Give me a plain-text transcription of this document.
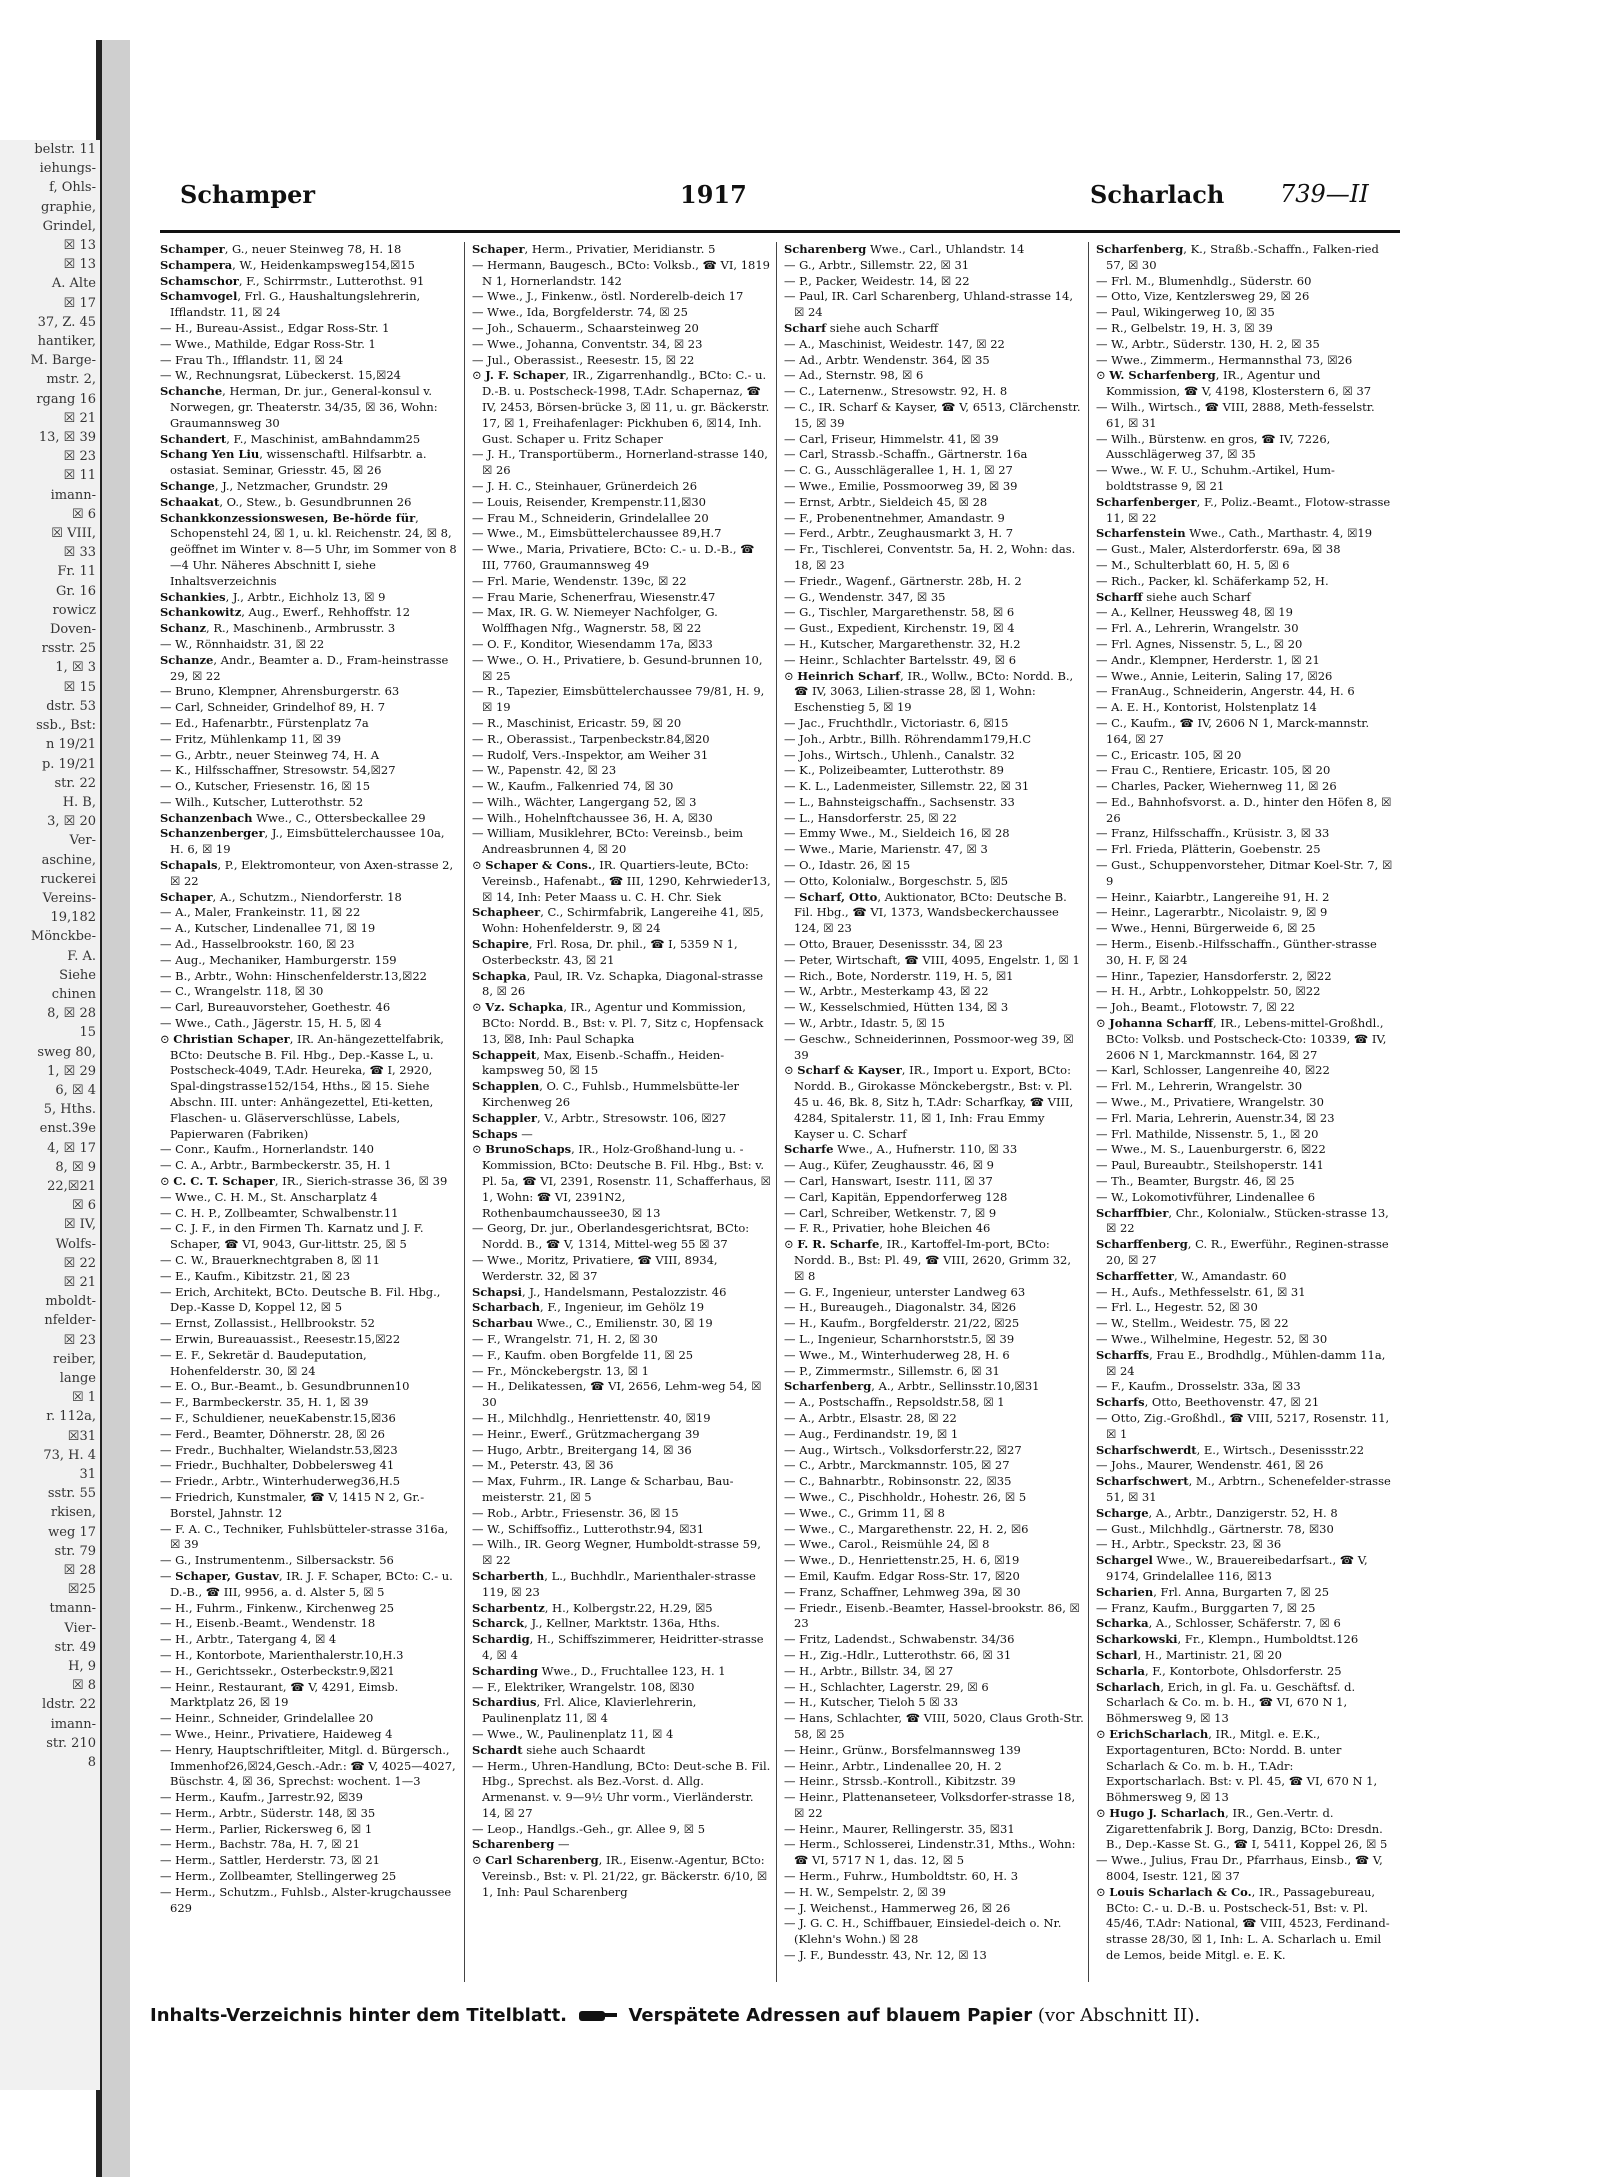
belstr. 11
iehungs-
f, Ohls-
graphie,
Grindel,
☒ 13
☒ 13
A. Alte
☒ 17
37, Z. 45
hantiker,
M. Barge-
mstr. 2,
rgang 16
☒ 21
13, ☒ 39
☒ 23
☒ 11
imann-
☒ 6
☒ VIII,
☒ 33
Fr. 11
Gr. 16
rowicz
Doven-
rsstr. 25
1, ☒ 3
☒ 15
dstr. 53
ssb., Bst:
n 19/21
p. 19/21
str. 22
H. B,
3, ☒ 20
Ver-
aschine,
ruckerei
Vereins-
19,182
Mönckbe-
F. A.
Siehe
chinen
8, ☒ 28
15
sweg 80,
1, ☒ 29
6, ☒ 4
5, Hths.
enst.39e
4, ☒ 17
8, ☒ 9
22,☒21
☒ 6
☒ IV,
Wolfs-
☒ 22
☒ 21
mboldt-
nfelder-
☒ 23
reiber,
lange
☒ 1
r. 112a,
☒31
73, H. 4
31
sstr. 55
rkisen,
weg 17
str. 79
☒ 28
☒25
tmann-
Vier-
str. 49
H, 9
☒ 8
ldstr. 22
imann-
str. 210
8
Schamper	1917	Scharlach 739—II

Schamper, G., neuer Steinweg 78, H. 18

Schampera, W., Heidenkampsweg154,☒15

Schamschor, F., Schirrmstr., Lutterothst. 91

Schamvogel, Frl. G., Haushaltungslehrerin, Ifflandstr. 11, ☒ 24

— H., Bureau-Assist., Edgar Ross-Str. 1

— Wwe., Mathilde, Edgar Ross-Str. 1

— Frau Th., Ifflandstr. 11, ☒ 24

— W., Rechnungsrat, Lübeckerst. 15,☒24

Schanche, Herman, Dr. jur., General-konsul v. Norwegen, gr. Theaterstr. 34/35, ☒ 36, Wohn: Graumannsweg 30

Schandert, F., Maschinist, amBahndamm25

Schang Yen Liu, wissenschaftl. Hilfsarbtr. a. ostasiat. Seminar, Griesstr. 45, ☒ 26

Schange, J., Netzmacher, Grundstr. 29

Schaakat, O., Stew., b. Gesundbrunnen 26

Schankkonzessionswesen, Be-hörde für, Schopenstehl 24, ☒ 1, u. kl. Reichenstr. 24, ☒ 8, geöffnet im Winter v. 8—5 Uhr, im Sommer von 8—4 Uhr. Näheres Abschnitt I, siehe Inhaltsverzeichnis

Schankies, J., Arbtr., Eichholz 13, ☒ 9

Schankowitz, Aug., Ewerf., Rehhoffstr. 12

Schanz, R., Maschinenb., Armbrusstr. 3

— W., Rönnhaidstr. 31, ☒ 22

Schanze, Andr., Beamter a. D., Fram-heinstrasse 29, ☒ 22

— Bruno, Klempner, Ahrensburgerstr. 63

— Carl, Schneider, Grindelhof 89, H. 7

— Ed., Hafenarbtr., Fürstenplatz 7a

— Fritz, Mühlenkamp 11, ☒ 39

— G., Arbtr., neuer Steinweg 74, H. A

— K., Hilfsschaffner, Stresowstr. 54,☒27

— O., Kutscher, Friesenstr. 16, ☒ 15

— Wilh., Kutscher, Lutterothstr. 52

Schanzenbach Wwe., C., Ottersbeckallee 29

Schanzenberger, J., Eimsbüttelerchaussee 10a, H. 6, ☒ 19

Schapals, P., Elektromonteur, von Axen-strasse 2, ☒ 22

Schaper, A., Schutzm., Niendorferstr. 18

— A., Maler, Frankeinstr. 11, ☒ 22

— A., Kutscher, Lindenallee 71, ☒ 19

— Ad., Hasselbrookstr. 160, ☒ 23

— Aug., Mechaniker, Hamburgerstr. 159

— B., Arbtr., Wohn: Hinschenfelderstr.13,☒22

— C., Wrangelstr. 118, ☒ 30

— Carl, Bureauvorsteher, Goethestr. 46

— Wwe., Cath., Jägerstr. 15, H. 5, ☒ 4

⊙ Christian Schaper, IR. An-hängezettelfabrik, BCto: Deutsche B. Fil. Hbg., Dep.-Kasse L, u. Postscheck-4049, T.Adr. Heureka, ☎ I, 2920, Spal-dingstrasse152/154, Hths., ☒ 15. Siehe Abschn. III. unter: Anhängezettel, Eti-ketten, Flaschen- u. Gläserverschlüsse, Labels, Papierwaren (Fabriken)

— Conr., Kaufm., Hornerlandstr. 140

— C. A., Arbtr., Barmbeckerstr. 35, H. 1

⊙ C. C. T. Schaper, IR., Sierich-strasse 36, ☒ 39

— Wwe., C. H. M., St. Anscharplatz 4

— C. H. P., Zollbeamter, Schwalbenstr.11

— C. J. F., in den Firmen Th. Karnatz und J. F. Schaper, ☎ VI, 9043, Gur-littstr. 25, ☒ 5

— C. W., Brauerknechtgraben 8, ☒ 11

— E., Kaufm., Kibitzstr. 21, ☒ 23

— Erich, Architekt, BCto. Deutsche B. Fil. Hbg., Dep.-Kasse D, Koppel 12, ☒ 5

— Ernst, Zollassist., Hellbrookstr. 52

— Erwin, Bureauassist., Reesestr.15,☒22

— E. F., Sekretär d. Baudeputation, Hohenfelderstr. 30, ☒ 24

— E. O., Bur.-Beamt., b. Gesundbrunnen10

— F., Barmbeckerstr. 35, H. 1, ☒ 39

— F., Schuldiener, neueKabenstr.15,☒36

— Ferd., Beamter, Döhnerstr. 28, ☒ 26

— Fredr., Buchhalter, Wielandstr.53,☒23

— Friedr., Buchhalter, Dobbelersweg 41

— Friedr., Arbtr., Winterhuderweg36,H.5

— Friedrich, Kunstmaler, ☎ V, 1415 N 2, Gr.-Borstel, Jahnstr. 12

— F. A. C., Techniker, Fuhlsbütteler-strasse 316a, ☒ 39

— G., Instrumentenm., Silbersackstr. 56

— Schaper, Gustav, IR. J. F. Schaper, BCto: C.- u. D.-B., ☎ III, 9956, a. d. Alster 5, ☒ 5

— H., Fuhrm., Finkenw., Kirchenweg 25

— H., Eisenb.-Beamt., Wendenstr. 18

— H., Arbtr., Tatergang 4, ☒ 4

— H., Kontorbote, Marienthalerstr.10,H.3

— H., Gerichtssekr., Osterbeckstr.9,☒21

— Heinr., Restaurant, ☎ V, 4291, Eimsb. Marktplatz 26, ☒ 19

— Heinr., Schneider, Grindelallee 20

— Wwe., Heinr., Privatiere, Haideweg 4

— Henry, Hauptschriftleiter, Mitgl. d. Bürgersch., Immenhof26,☒24,Gesch.-Adr.: ☎ V, 4025—4027, Büschstr. 4, ☒ 36, Sprechst: wochent. 1—3

— Herm., Kaufm., Jarrestr.92, ☒39

— Herm., Arbtr., Süderstr. 148, ☒ 35

— Herm., Parlier, Rickersweg 6, ☒ 1

— Herm., Bachstr. 78a, H. 7, ☒ 21

— Herm., Sattler, Herderstr. 73, ☒ 21

— Herm., Zollbeamter, Stellingerweg 25

— Herm., Schutzm., Fuhlsb., Alster-krugchaussee 629

Schaper, Herm., Privatier, Meridianstr. 5

— Hermann, Baugesch., BCto: Volksb., ☎ VI, 1819 N 1, Hornerlandstr. 142

— Wwe., J., Finkenw., östl. Norderelb-deich 17

— Wwe., Ida, Borgfelderstr. 74, ☒ 25

— Joh., Schauerm., Schaarsteinweg 20

— Wwe., Johanna, Conventstr. 34, ☒ 23

— Jul., Oberassist., Reesestr. 15, ☒ 22

⊙ J. F. Schaper, IR., Zigarrenhandlg., BCto: C.- u. D.-B. u. Postscheck-1998, T.Adr. Schapernaz, ☎ IV, 2453, Börsen-brücke 3, ☒ 11, u. gr. Bäckerstr. 17, ☒ 1, Freihafenlager: Pickhuben 6, ☒14, Inh. Gust. Schaper u. Fritz Schaper

— J. H., Transportüberm., Hornerland-strasse 140, ☒ 26

— J. H. C., Steinhauer, Grünerdeich 26

— Louis, Reisender, Krempenstr.11,☒30

— Frau M., Schneiderin, Grindelallee 20

— Wwe., M., Eimsbüttelerchaussee 89,H.7

— Wwe., Maria, Privatiere, BCto: C.- u. D.-B., ☎ III, 7760, Graumannsweg 49

— Frl. Marie, Wendenstr. 139c, ☒ 22

— Frau Marie, Schenerfrau, Wiesenstr.47

— Max, IR. G. W. Niemeyer Nachfolger, G. Wolffhagen Nfg., Wagnerstr. 58, ☒ 22

— O. F., Konditor, Wiesendamm 17a, ☒33

— Wwe., O. H., Privatiere, b. Gesund-brunnen 10, ☒ 25

— R., Tapezier, Eimsbüttelerchaussee 79/81, H. 9, ☒ 19

— R., Maschinist, Ericastr. 59, ☒ 20

— R., Oberassist., Tarpenbeckstr.84,☒20

— Rudolf, Vers.-Inspektor, am Weiher 31

— W., Papenstr. 42, ☒ 23

— W., Kaufm., Falkenried 74, ☒ 30

— Wilh., Wächter, Langergang 52, ☒ 3

— Wilh., Hohelnftchaussee 36, H. A, ☒30

— William, Musiklehrer, BCto: Vereinsb., beim Andreasbrunnen 4, ☒ 20

⊙ Schaper & Cons., IR. Quartiers-leute, BCto: Vereinsb., Hafenabt., ☎ III, 1290, Kehrwieder13, ☒ 14, Inh: Peter Maass u. C. H. Chr. Siek

Schapheer, C., Schirmfabrik, Langereihe 41, ☒5, Wohn: Hohenfelderstr. 9, ☒ 24

Schapire, Frl. Rosa, Dr. phil., ☎ I, 5359 N 1, Osterbeckstr. 43, ☒ 21

Schapka, Paul, IR. Vz. Schapka, Diagonal-strasse 8, ☒ 26

⊙ Vz. Schapka, IR., Agentur und Kommission, BCto: Nordd. B., Bst: v. Pl. 7, Sitz c, Hopfensack 13, ☒8, Inh: Paul Schapka

Schappeit, Max, Eisenb.-Schaffn., Heiden-kampsweg 50, ☒ 15

Schapplen, O. C., Fuhlsb., Hummelsbütte-ler Kirchenweg 26

Schappler, V., Arbtr., Stresowstr. 106, ☒27

Schaps —

⊙ BrunoSchaps, IR., Holz-Großhand-lung u. -Kommission, BCto: Deutsche B. Fil. Hbg., Bst: v. Pl. 5a, ☎ VI, 2391, Rosenstr. 11, Schafferhaus, ☒ 1, Wohn: ☎ VI, 2391N2, Rothenbaumchaussee30, ☒ 13

— Georg, Dr. jur., Oberlandesgerichtsrat, BCto: Nordd. B., ☎ V, 1314, Mittel-weg 55 ☒ 37

— Wwe., Moritz, Privatiere, ☎ VIII, 8934, Werderstr. 32, ☒ 37

Schapsi, J., Handelsmann, Pestalozzistr. 46

Scharbach, F., Ingenieur, im Gehölz 19

Scharbau Wwe., C., Emilienstr. 30, ☒ 19

— F., Wrangelstr. 71, H. 2, ☒ 30

— F., Kaufm. oben Borgfelde 11, ☒ 25

— Fr., Mönckebergstr. 13, ☒ 1

— H., Delikatessen, ☎ VI, 2656, Lehm-weg 54, ☒ 30

— H., Milchhdlg., Henriettenstr. 40, ☒19

— Heinr., Ewerf., Grützmachergang 39

— Hugo, Arbtr., Breitergang 14, ☒ 36

— M., Peterstr. 43, ☒ 36

— Max, Fuhrm., IR. Lange & Scharbau, Bau-meisterstr. 21, ☒ 5

— Rob., Arbtr., Friesenstr. 36, ☒ 15

— W., Schiffsoffiz., Lutterothstr.94, ☒31

— Wilh., IR. Georg Wegner, Humboldt-strasse 59, ☒ 22

Scharberth, L., Buchhdlr., Marienthaler-strasse 119, ☒ 23

Scharbentz, H., Kolbergstr.22, H.29, ☒5

Scharck, J., Kellner, Marktstr. 136a, Hths.

Schardig, H., Schiffszimmerer, Heidritter-strasse 4, ☒ 4

Scharding Wwe., D., Fruchtallee 123, H. 1

— F., Elektriker, Wrangelstr. 108, ☒30

Schardius, Frl. Alice, Klavierlehrerin, Paulinenplatz 11, ☒ 4

— Wwe., W., Paulinenplatz 11, ☒ 4

Schardt siehe auch Schaardt

— Herm., Uhren-Handlung, BCto: Deut-sche B. Fil. Hbg., Sprechst. als Bez.-Vorst. d. Allg. Armenanst. v. 9—9½ Uhr vorm., Vierländerstr. 14, ☒ 27

— Leop., Handlgs.-Geh., gr. Allee 9, ☒ 5

Scharenberg —

⊙ Carl Scharenberg, IR., Eisenw.-Agentur, BCto: Vereinsb., Bst: v. Pl. 21/22, gr. Bäckerstr. 6/10, ☒ 1, Inh: Paul Scharenberg

Scharenberg Wwe., Carl., Uhlandstr. 14

— G., Arbtr., Sillemstr. 22, ☒ 31

— P., Packer, Weidestr. 14, ☒ 22

— Paul, IR. Carl Scharenberg, Uhland-strasse 14, ☒ 24

Scharf siehe auch Scharff

— A., Maschinist, Weidestr. 147, ☒ 22

— Ad., Arbtr. Wendenstr. 364, ☒ 35

— Ad., Sternstr. 98, ☒ 6

— C., Laternenw., Stresowstr. 92, H. 8

— C., IR. Scharf & Kayser, ☎ V, 6513, Clärchenstr. 15, ☒ 39

— Carl, Friseur, Himmelstr. 41, ☒ 39

— Carl, Strassb.-Schaffn., Gärtnerstr. 16a

— C. G., Ausschlägerallee 1, H. 1, ☒ 27

— Wwe., Emilie, Possmoorweg 39, ☒ 39

— Ernst, Arbtr., Sieldeich 45, ☒ 28

— F., Probenentnehmer, Amandastr. 9

— Ferd., Arbtr., Zeughausmarkt 3, H. 7

— Fr., Tischlerei, Conventstr. 5a, H. 2, Wohn: das. 18, ☒ 23

— Friedr., Wagenf., Gärtnerstr. 28b, H. 2

— G., Wendenstr. 347, ☒ 35

— G., Tischler, Margarethenstr. 58, ☒ 6

— Gust., Expedient, Kirchenstr. 19, ☒ 4

— H., Kutscher, Margarethenstr. 32, H.2

— Heinr., Schlachter Bartelsstr. 49, ☒ 6

⊙ Heinrich Scharf, IR., Wollw., BCto: Nordd. B., ☎ IV, 3063, Lilien-strasse 28, ☒ 1, Wohn: Eschenstieg 5, ☒ 19

— Jac., Fruchthdlr., Victoriastr. 6, ☒15

— Joh., Arbtr., Billh. Röhrendamm179,H.C

— Johs., Wirtsch., Uhlenh., Canalstr. 32

— K., Polizeibeamter, Lutterothstr. 89

— K. L., Ladenmeister, Sillemstr. 22, ☒ 31

— L., Bahnsteigschaffn., Sachsenstr. 33

— L., Hansdorferstr. 25, ☒ 22

— Emmy Wwe., M., Sieldeich 16, ☒ 28

— Wwe., Marie, Marienstr. 47, ☒ 3

— O., Idastr. 26, ☒ 15

— Otto, Kolonialw., Borgeschstr. 5, ☒5

— Scharf, Otto, Auktionator, BCto: Deutsche B. Fil. Hbg., ☎ VI, 1373, Wandsbeckerchaussee 124, ☒ 23

— Otto, Brauer, Desenissstr. 34, ☒ 23

— Peter, Wirtschaft, ☎ VIII, 4095, Engelstr. 1, ☒ 1

— Rich., Bote, Norderstr. 119, H. 5, ☒1

— W., Arbtr., Mesterkamp 43, ☒ 22

— W., Kesselschmied, Hütten 134, ☒ 3

— W., Arbtr., Idastr. 5, ☒ 15

— Geschw., Schneiderinnen, Possmoor-weg 39, ☒ 39

⊙ Scharf & Kayser, IR., Import u. Export, BCto: Nordd. B., Girokasse Mönckebergstr., Bst: v. Pl. 45 u. 46, Bk. 8, Sitz h, T.Adr: Scharfkay, ☎ VIII, 4284, Spitalerstr. 11, ☒ 1, Inh: Frau Emmy Kayser u. C. Scharf

Scharfe Wwe., A., Hufnerstr. 110, ☒ 33

— Aug., Küfer, Zeughausstr. 46, ☒ 9

— Carl, Hanswart, Isestr. 111, ☒ 37

— Carl, Kapitän, Eppendorferweg 128

— Carl, Schreiber, Wetkenstr. 7, ☒ 9

— F. R., Privatier, hohe Bleichen 46

⊙ F. R. Scharfe, IR., Kartoffel-Im-port, BCto: Nordd. B., Bst: Pl. 49, ☎ VIII, 2620, Grimm 32, ☒ 8

— G. F., Ingenieur, unterster Landweg 63

— H., Bureaugeh., Diagonalstr. 34, ☒26

— H., Kaufm., Borgfelderstr. 21/22, ☒25

— L., Ingenieur, Scharnhorststr.5, ☒ 39

— Wwe., M., Winterhuderweg 28, H. 6

— P., Zimmermstr., Sillemstr. 6, ☒ 31

Scharfenberg, A., Arbtr., Sellinsstr.10,☒31

— A., Postschaffn., Repsoldstr.58, ☒ 1

— A., Arbtr., Elsastr. 28, ☒ 22

— Aug., Ferdinandstr. 19, ☒ 1

— Aug., Wirtsch., Volksdorferstr.22, ☒27

— C., Arbtr., Marckmannstr. 105, ☒ 27

— C., Bahnarbtr., Robinsonstr. 22, ☒35

— Wwe., C., Pischholdr., Hohestr. 26, ☒ 5

— Wwe., C., Grimm 11, ☒ 8

— Wwe., C., Margarethenstr. 22, H. 2, ☒6

— Wwe., Carol., Reismühle 24, ☒ 8

— Wwe., D., Henriettenstr.25, H. 6, ☒19

— Emil, Kaufm. Edgar Ross-Str. 17, ☒20

— Franz, Schaffner, Lehmweg 39a, ☒ 30

— Friedr., Eisenb.-Beamter, Hassel-brookstr. 86, ☒ 23

— Fritz, Ladendst., Schwabenstr. 34/36

— H., Zig.-Hdlr., Lutterothstr. 66, ☒ 31

— H., Arbtr., Billstr. 34, ☒ 27

— H., Schlachter, Lagerstr. 29, ☒ 6

— H., Kutscher, Tieloh 5 ☒ 33

— Hans, Schlachter, ☎ VIII, 5020, Claus Groth-Str. 58, ☒ 25

— Heinr., Grünw., Borsfelmannsweg 139

— Heinr., Arbtr., Lindenallee 20, H. 2

— Heinr., Strssb.-Kontroll., Kibitzstr. 39

— Heinr., Plattenanseteer, Volksdorfer-strasse 18, ☒ 22

— Heinr., Maurer, Rellingerstr. 35, ☒31

— Herm., Schlosserei, Lindenstr.31, Mths., Wohn: ☎ VI, 5717 N 1, das. 12, ☒ 5

— Herm., Fuhrw., Humboldtstr. 60, H. 3

— H. W., Sempelstr. 2, ☒ 39

— J. Weichenst., Hammerweg 26, ☒ 26

— J. G. C. H., Schiffbauer, Einsiedel-deich o. Nr. (Klehn's Wohn.) ☒ 28

— J. F., Bundesstr. 43, Nr. 12, ☒ 13

Scharfenberg, K., Straßb.-Schaffn., Falken-ried 57, ☒ 30

— Frl. M., Blumenhdlg., Süderstr. 60

— Otto, Vize, Kentzlersweg 29, ☒ 26

— Paul, Wikingerweg 10, ☒ 35

— R., Gelbelstr. 19, H. 3, ☒ 39

— W., Arbtr., Süderstr. 130, H. 2, ☒ 35

— Wwe., Zimmerm., Hermannsthal 73, ☒26

⊙ W. Scharfenberg, IR., Agentur und Kommission, ☎ V, 4198, Klosterstern 6, ☒ 37

— Wilh., Wirtsch., ☎ VIII, 2888, Meth-fesselstr. 61, ☒ 31

— Wilh., Bürstenw. en gros, ☎ IV, 7226, Ausschlägerweg 37, ☒ 35

— Wwe., W. F. U., Schuhm.-Artikel, Hum-boldtstrasse 9, ☒ 21

Scharfenberger, F., Poliz.-Beamt., Flotow-strasse 11, ☒ 22

Scharfenstein Wwe., Cath., Marthastr. 4, ☒19

— Gust., Maler, Alsterdorferstr. 69a, ☒ 38

— M., Schulterblatt 60, H. 5, ☒ 6

— Rich., Packer, kl. Schäferkamp 52, H.

Scharff siehe auch Scharf

— A., Kellner, Heussweg 48, ☒ 19

— Frl. A., Lehrerin, Wrangelstr. 30

— Frl. Agnes, Nissenstr. 5, L., ☒ 20

— Andr., Klempner, Herderstr. 1, ☒ 21

— Wwe., Annie, Leiterin, Saling 17, ☒26

— FranAug., Schneiderin, Angerstr. 44, H. 6

— A. E. H., Kontorist, Holstenplatz 14

— C., Kaufm., ☎ IV, 2606 N 1, Marck-mannstr. 164, ☒ 27

— C., Ericastr. 105, ☒ 20

— Frau C., Rentiere, Ericastr. 105, ☒ 20

— Charles, Packer, Wiehernweg 11, ☒ 26

— Ed., Bahnhofsvorst. a. D., hinter den Höfen 8, ☒ 26

— Franz, Hilfsschaffn., Krüsistr. 3, ☒ 33

— Frl. Frieda, Plätterin, Goebenstr. 25

— Gust., Schuppenvorsteher, Ditmar Koel-Str. 7, ☒ 9

— Heinr., Kaiarbtr., Langereihe 91, H. 2

— Heinr., Lagerarbtr., Nicolaistr. 9, ☒ 9

— Wwe., Henni, Bürgerweide 6, ☒ 25

— Herm., Eisenb.-Hilfsschaffn., Günther-strasse 30, H. F, ☒ 24

— Hinr., Tapezier, Hansdorferstr. 2, ☒22

— H. H., Arbtr., Lohkoppelstr. 50, ☒22

— Joh., Beamt., Flotowstr. 7, ☒ 22

⊙ Johanna Scharff, IR., Lebens-mittel-Großhdl., BCto: Volksb. und Postscheck-Cto: 10339, ☎ IV, 2606 N 1, Marckmannstr. 164, ☒ 27

— Karl, Schlosser, Langenreihe 40, ☒22

— Frl. M., Lehrerin, Wrangelstr. 30

— Wwe., M., Privatiere, Wrangelstr. 30

— Frl. Maria, Lehrerin, Auenstr.34, ☒ 23

— Frl. Mathilde, Nissenstr. 5, 1., ☒ 20

— Wwe., M. S., Lauenburgerstr. 6, ☒22

— Paul, Bureaubtr., Steilshoperstr. 141

— Th., Beamter, Burgstr. 46, ☒ 25

— W., Lokomotivführer, Lindenallee 6

Scharffbier, Chr., Kolonialw., Stücken-strasse 13, ☒ 22

Scharffenberg, C. R., Ewerführ., Reginen-strasse 20, ☒ 27

Scharffetter, W., Amandastr. 60

— H., Aufs., Methfesselstr. 61, ☒ 31

— Frl. L., Hegestr. 52, ☒ 30

— W., Stellm., Weidestr. 75, ☒ 22

— Wwe., Wilhelmine, Hegestr. 52, ☒ 30

Scharffs, Frau E., Brodhdlg., Mühlen-damm 11a, ☒ 24

— F., Kaufm., Drosselstr. 33a, ☒ 33

Scharfs, Otto, Beethovenstr. 47, ☒ 21

— Otto, Zig.-Großhdl., ☎ VIII, 5217, Rosenstr. 11, ☒ 1

Scharfschwerdt, E., Wirtsch., Desenissstr.22

— Johs., Maurer, Wendenstr. 461, ☒ 26

Scharfschwert, M., Arbtrn., Schenefelder-strasse 51, ☒ 31

Scharge, A., Arbtr., Danzigerstr. 52, H. 8

— Gust., Milchhdlg., Gärtnerstr. 78, ☒30

— H., Arbtr., Speckstr. 23, ☒ 36

Schargel Wwe., W., Brauereibedarfsart., ☎ V, 9174, Grindelallee 116, ☒13

Scharien, Frl. Anna, Burgarten 7, ☒ 25

— Franz, Kaufm., Burggarten 7, ☒ 25

Scharka, A., Schlosser, Schäferstr. 7, ☒ 6

Scharkowski, Fr., Klempn., Humboldtst.126

Scharl, H., Martinistr. 21, ☒ 20

Scharla, F., Kontorbote, Ohlsdorferstr. 25

Scharlach, Erich, in gl. Fa. u. Geschäftsf. d. Scharlach & Co. m. b. H., ☎ VI, 670 N 1, Böhmersweg 9, ☒ 13

⊙ ErichScharlach, IR., Mitgl. e. E.K., Exportagenturen, BCto: Nordd. B. unter Scharlach & Co. m. b. H., T.Adr: Exportscharlach. Bst: v. Pl. 45, ☎ VI, 670 N 1, Böhmersweg 9, ☒ 13

⊙ Hugo J. Scharlach, IR., Gen.-Vertr. d. Zigarettenfabrik J. Borg, Danzig, BCto: Dresdn. B., Dep.-Kasse St. G., ☎ I, 5411, Koppel 26, ☒ 5

— Wwe., Julius, Frau Dr., Pfarrhaus, Einsb., ☎ V, 8004, Isestr. 121, ☒ 37

⊙ Louis Scharlach & Co., IR., Passagebureau, BCto: C.- u. D.-B. u. Postscheck-51, Bst: v. Pl. 45/46, T.Adr: National, ☎ VIII, 4523, Ferdinand-strasse 28/30, ☒ 1, Inh: L. A. Scharlach u. Emil de Lemos, beide Mitgl. e. E. K.

Inhalts-Verzeichnis hinter dem Titelblatt.	Verspätete Adressen auf blauem Papier (vor Abschnitt II).
